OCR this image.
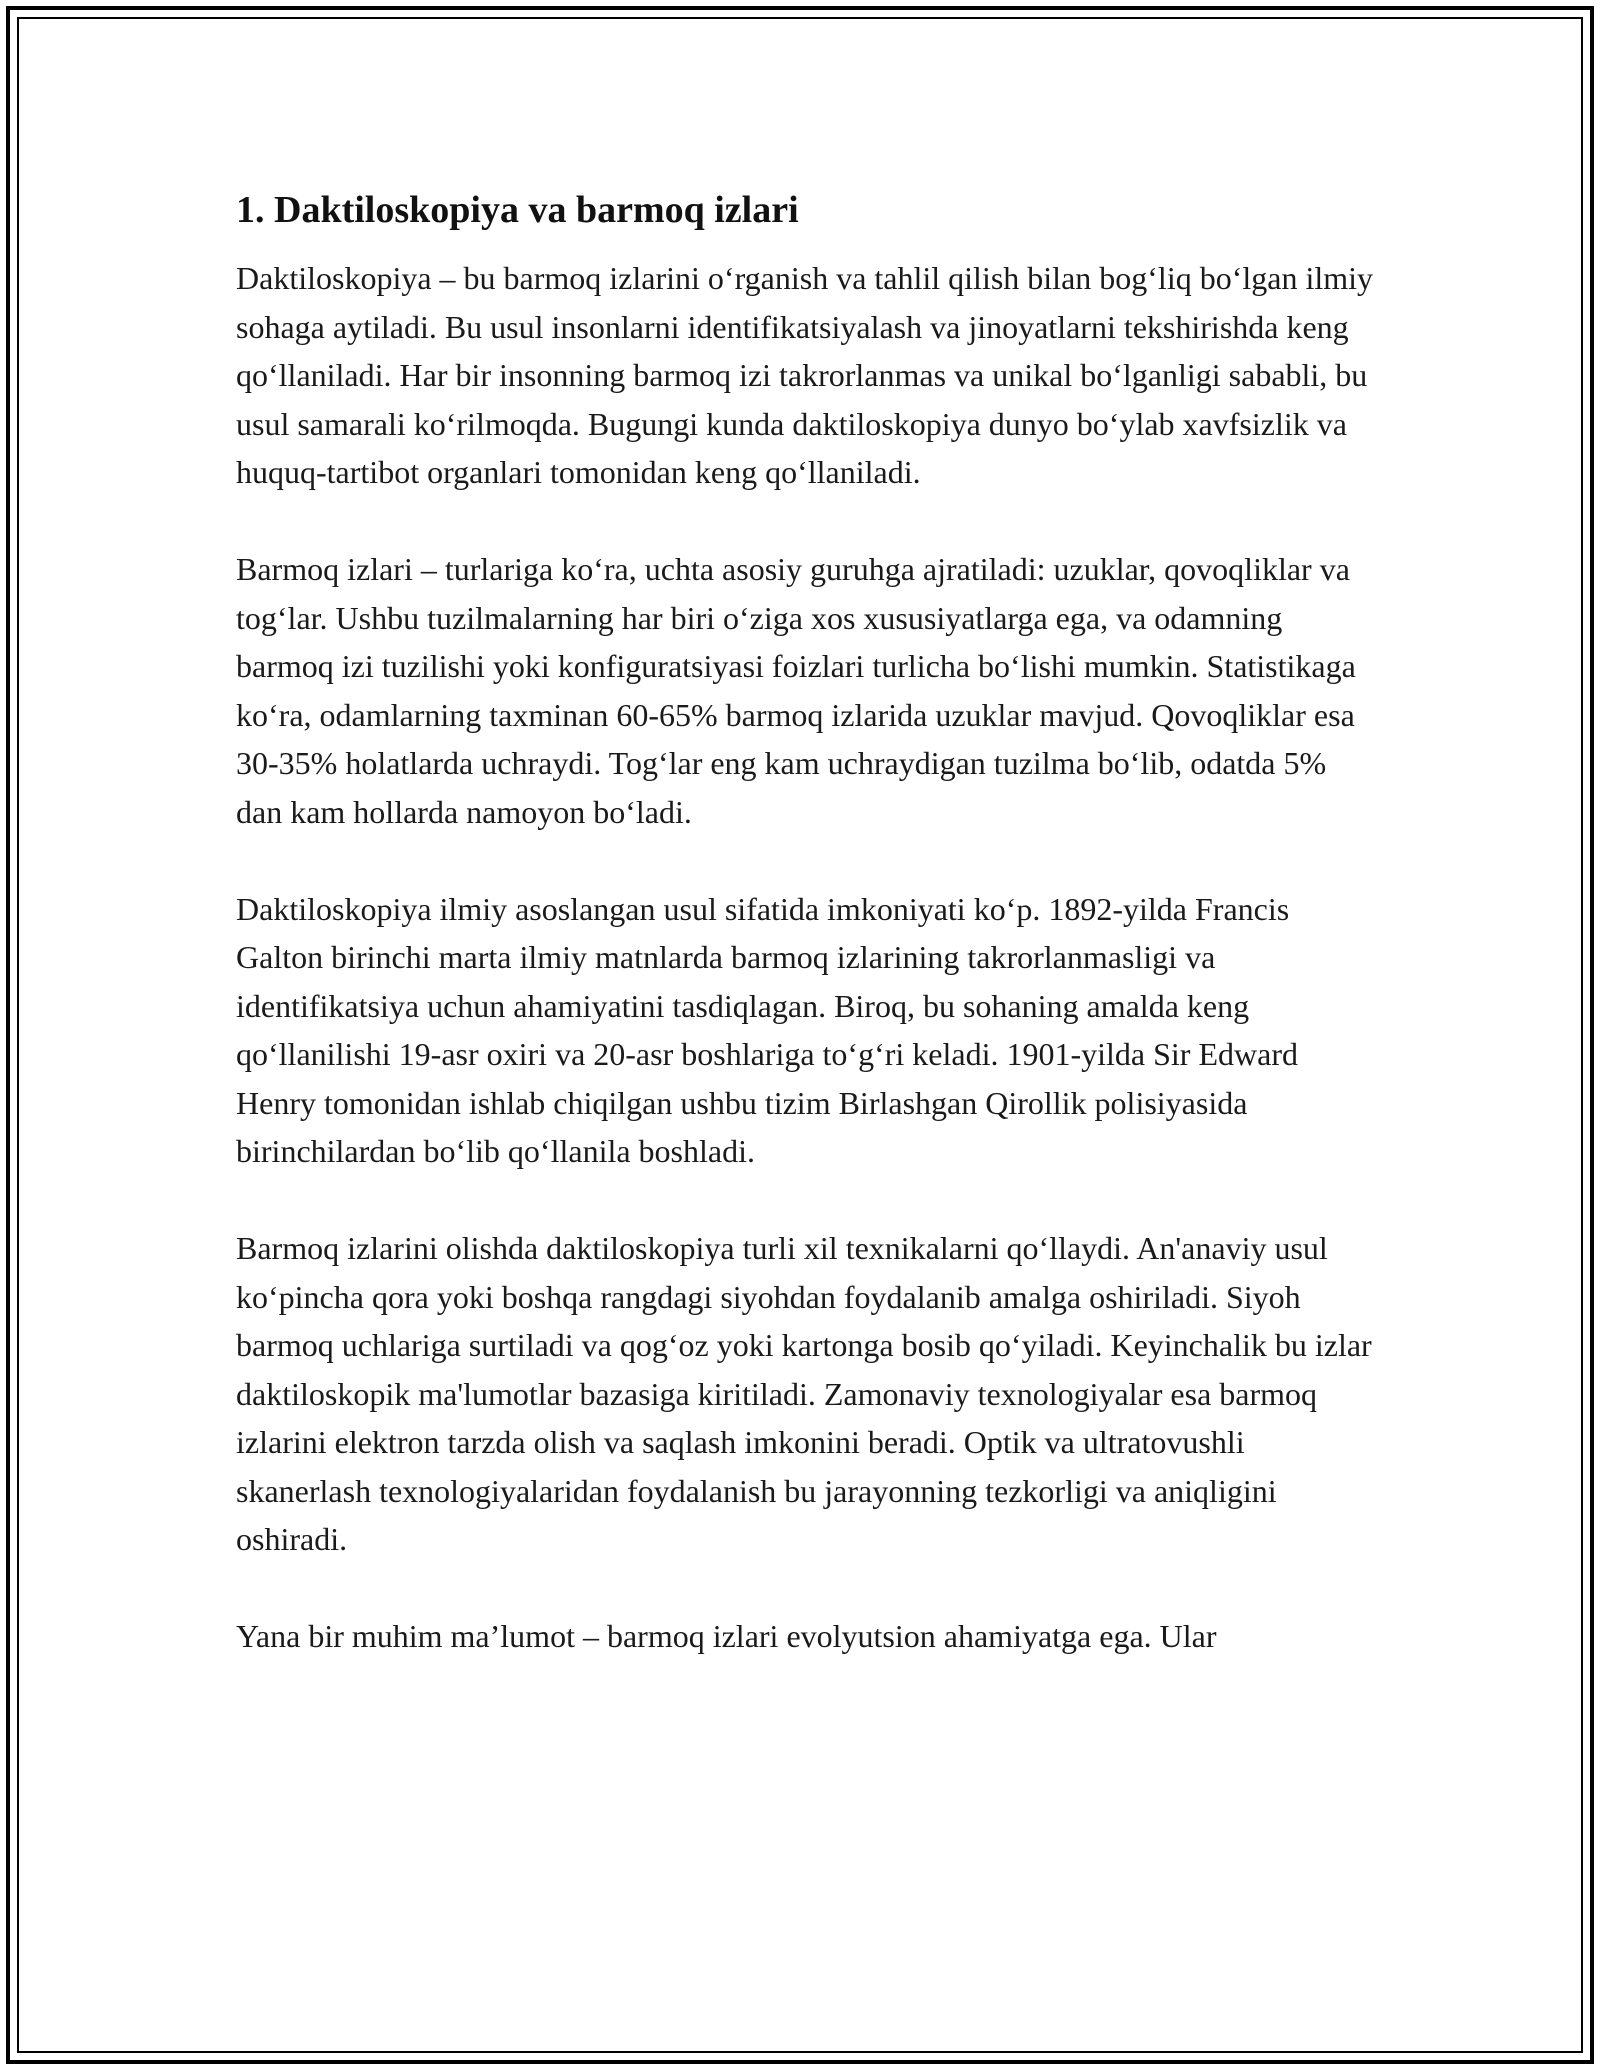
1. Daktiloskopiya va barmoq izlari

Daktiloskopiya – bu barmoq izlarini o‘rganish va tahlil qilish bilan bog‘liq bo‘lgan ilmiy sohaga aytiladi. Bu usul insonlarni identifikatsiyalash va jinoyatlarni tekshirishda keng qo‘llaniladi. Har bir insonning barmoq izi takrorlanmas va unikal bo‘lganligi sababli, bu usul samarali ko‘rilmoqda. Bugungi kunda daktiloskopiya dunyo bo‘ylab xavfsizlik va huquq-tartibot organlari tomonidan keng qo‘llaniladi.

Barmoq izlari – turlariga ko‘ra, uchta asosiy guruhga ajratiladi: uzuklar, qovoqliklar va tog‘lar. Ushbu tuzilmalarning har biri o‘ziga xos xususiyatlarga ega, va odamning barmoq izi tuzilishi yoki konfiguratsiyasi foizlari turlicha bo‘lishi mumkin. Statistikaga ko‘ra, odamlarning taxminan 60-65% barmoq izlarida uzuklar mavjud. Qovoqliklar esa 30-35% holatlarda uchraydi. Tog‘lar eng kam uchraydigan tuzilma bo‘lib, odatda 5% dan kam hollarda namoyon bo‘ladi.

Daktiloskopiya ilmiy asoslangan usul sifatida imkoniyati ko‘p. 1892-yilda Francis Galton birinchi marta ilmiy matnlarda barmoq izlarining takrorlanmasligi va identifikatsiya uchun ahamiyatini tasdiqlagan. Biroq, bu sohaning amalda keng qo‘llanilishi 19-asr oxiri va 20-asr boshlariga to‘g‘ri keladi. 1901-yilda Sir Edward Henry tomonidan ishlab chiqilgan ushbu tizim Birlashgan Qirollik polisiyasida birinchilardan bo‘lib qo‘llanila boshladi.

Barmoq izlarini olishda daktiloskopiya turli xil texnikalarni qo‘llaydi. An'anaviy usul ko‘pincha qora yoki boshqa rangdagi siyohdan foydalanib amalga oshiriladi. Siyoh barmoq uchlariga surtiladi va qog‘oz yoki kartonga bosib qo‘yiladi. Keyinchalik bu izlar daktiloskopik ma'lumotlar bazasiga kiritiladi. Zamonaviy texnologiyalar esa barmoq izlarini elektron tarzda olish va saqlash imkonini beradi. Optik va ultratovushli skanerlash texnologiyalaridan foydalanish bu jarayonning tezkorligi va aniqligini oshiradi.

Yana bir muhim ma’lumot – barmoq izlari evolyutsion ahamiyatga ega. Ular
